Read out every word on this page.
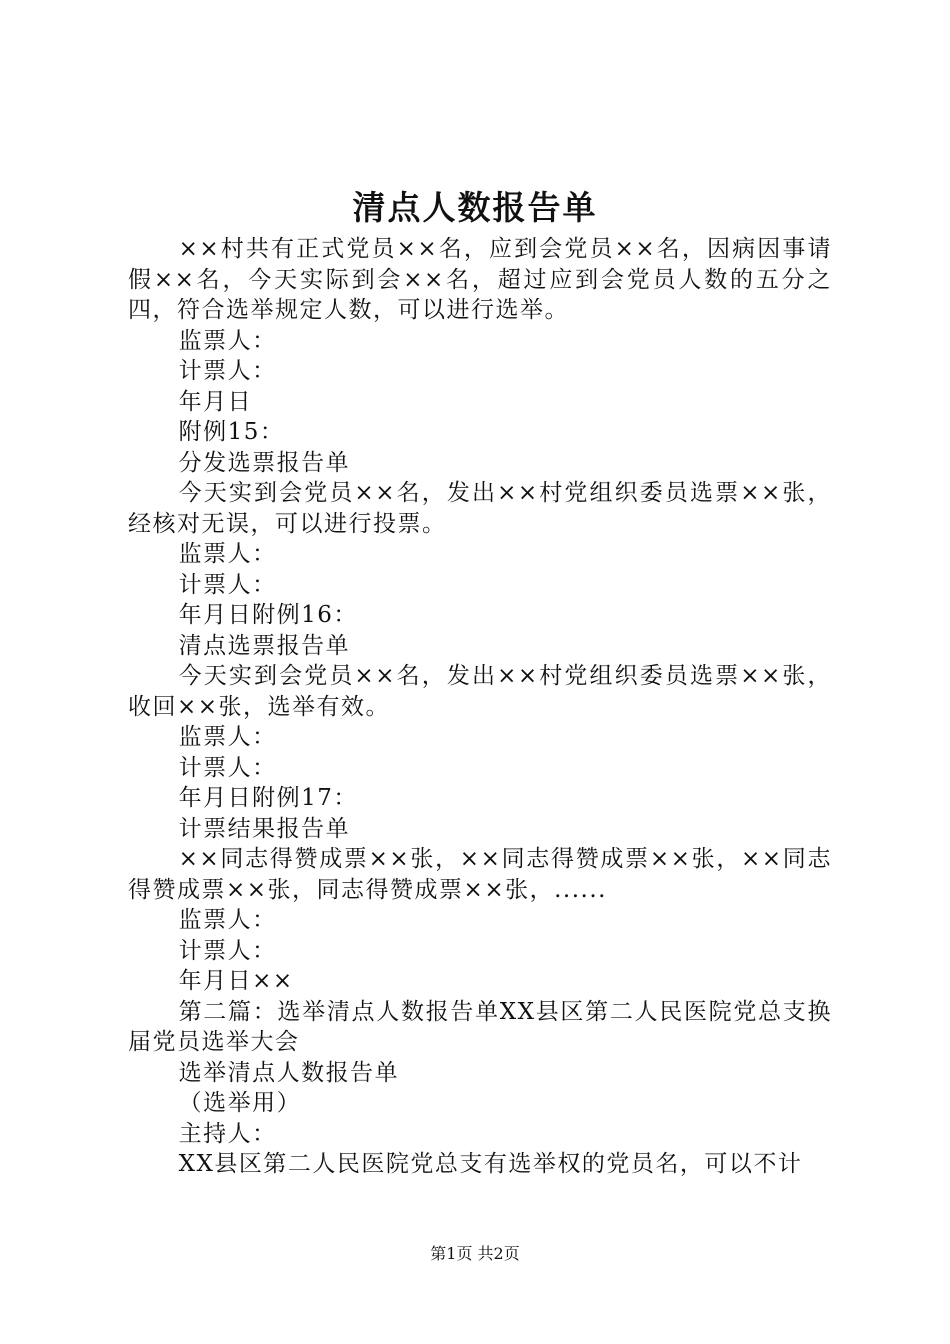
清点人数报告单

××村共有正式党员××名，应到会党员××名，因病因事请假××名，今天实际到会××名，超过应到会党员人数的五分之四，符合选举规定人数，可以进行选举。

监票人：

计票人：

年月日

附例15：

分发选票报告单

今天实到会党员××名，发出××村党组织委员选票××张，经核对无误，可以进行投票。

监票人：

计票人：

年月日附例16：

清点选票报告单

今天实到会党员××名，发出××村党组织委员选票××张，收回××张，选举有效。

监票人：

计票人：

年月日附例17：

计票结果报告单

××同志得赞成票××张，××同志得赞成票××张，××同志得赞成票××张，同志得赞成票××张，......

监票人：

计票人：

年月日××

第二篇：选举清点人数报告单XX县区第二人民医院党总支换届党员选举大会

选举清点人数报告单

（选举用）

主持人：

XX县区第二人民医院党总支有选举权的党员名，可以不计

第1页 共2页
